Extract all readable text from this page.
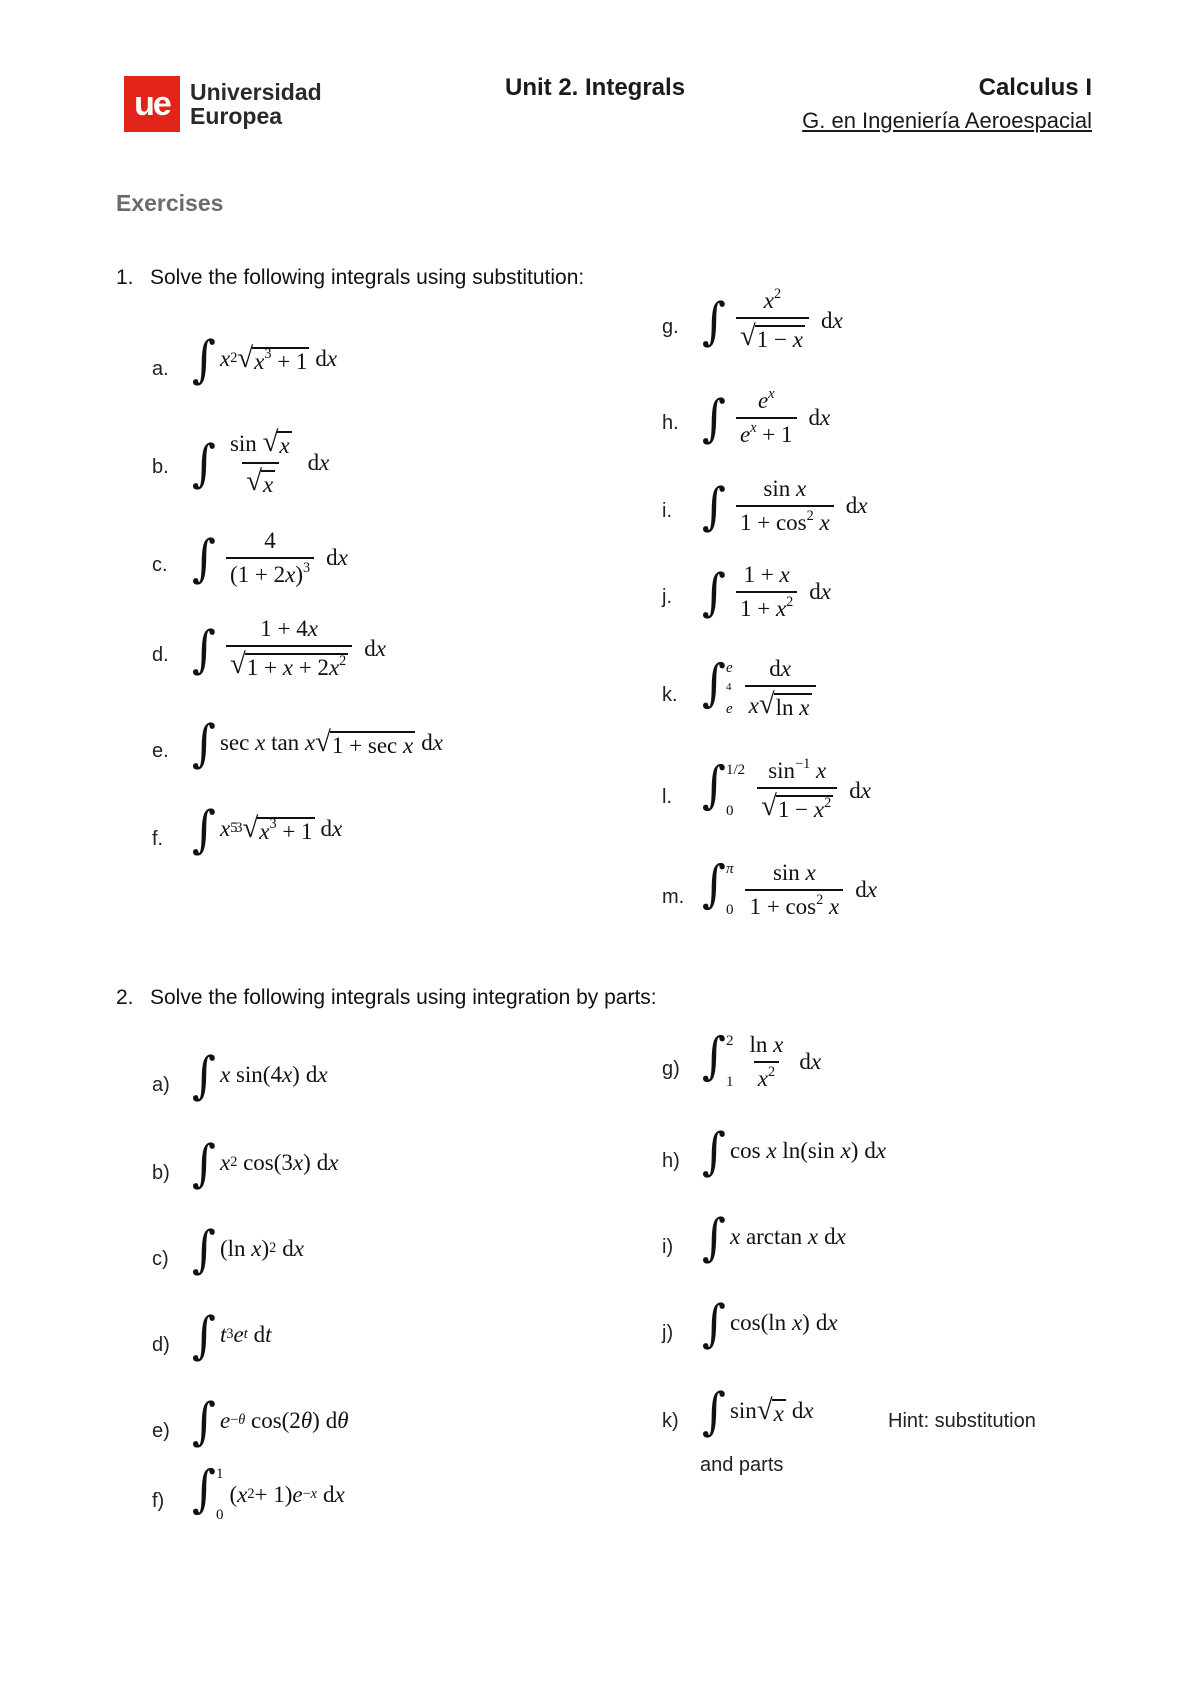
ue Universidad
Europea
Unit 2. Integrals	Calculus I
G. en Ingeniería Aeroespacial
Exercises
1. Solve the following integrals using substitution:
a. ∫ $x^2$ √ $x^3 + 1$ dx
b. ∫ $\frac{\sin √ x}{√ x}$ dx
c. ∫ $\frac{4}{(1 + 2x)^3}$ dx
d. ∫ $\frac{1 + 4x}{√ 1 + x + 2x^2}$ dx
e. ∫ sec x tan x √ 1 + sec x dx
f. ∫ $x^5$
$^3$ √ $x^3 + 1$ dx
g. ∫ $\frac{x^2}{√ 1 - x}$ dx
h. ∫ $\frac{e^x}{e^x + 1}$ dx
i. ∫ $\frac{\text{sin x}}{1 + \cos^2 x}$ dx
j. ∫ $\frac{1 + x}{1 + x^2}$ dx
k. ∫ e
$^4$
e $\frac{dx}{\text{x √ ln x}}$
l. ∫ 1/2
0	$\frac{\sin^{-1} x}{√ 1 - x^2}$ dx
m. ∫ π
$0 \frac{\text{sin x}}{1 + \cos^2 x}$ dx
2. Solve the following integrals using integration by parts:
a) ∫ x sin(4 x ) dx
b) ∫ $x^2$ cos(3 x ) dx
c) ∫ (ln x )$^2$ dx
d) ∫ $t^3$ $e^t$ dt
e) ∫ $e^{-\theta}$ cos(2 θ ) dθ
f) ∫ 1
0
( $x^2 + 1$) $e^{-x}$ dx
g) ∫ 2
$1 \frac{\text{ln x}}{x^2}$ dx
h) ∫ cos x ln(sin x ) dx
i) ∫ x arctan x dx
j) ∫ cos(ln x ) dx
k) ∫ sin √ x dx	Hint: substitution
and parts
